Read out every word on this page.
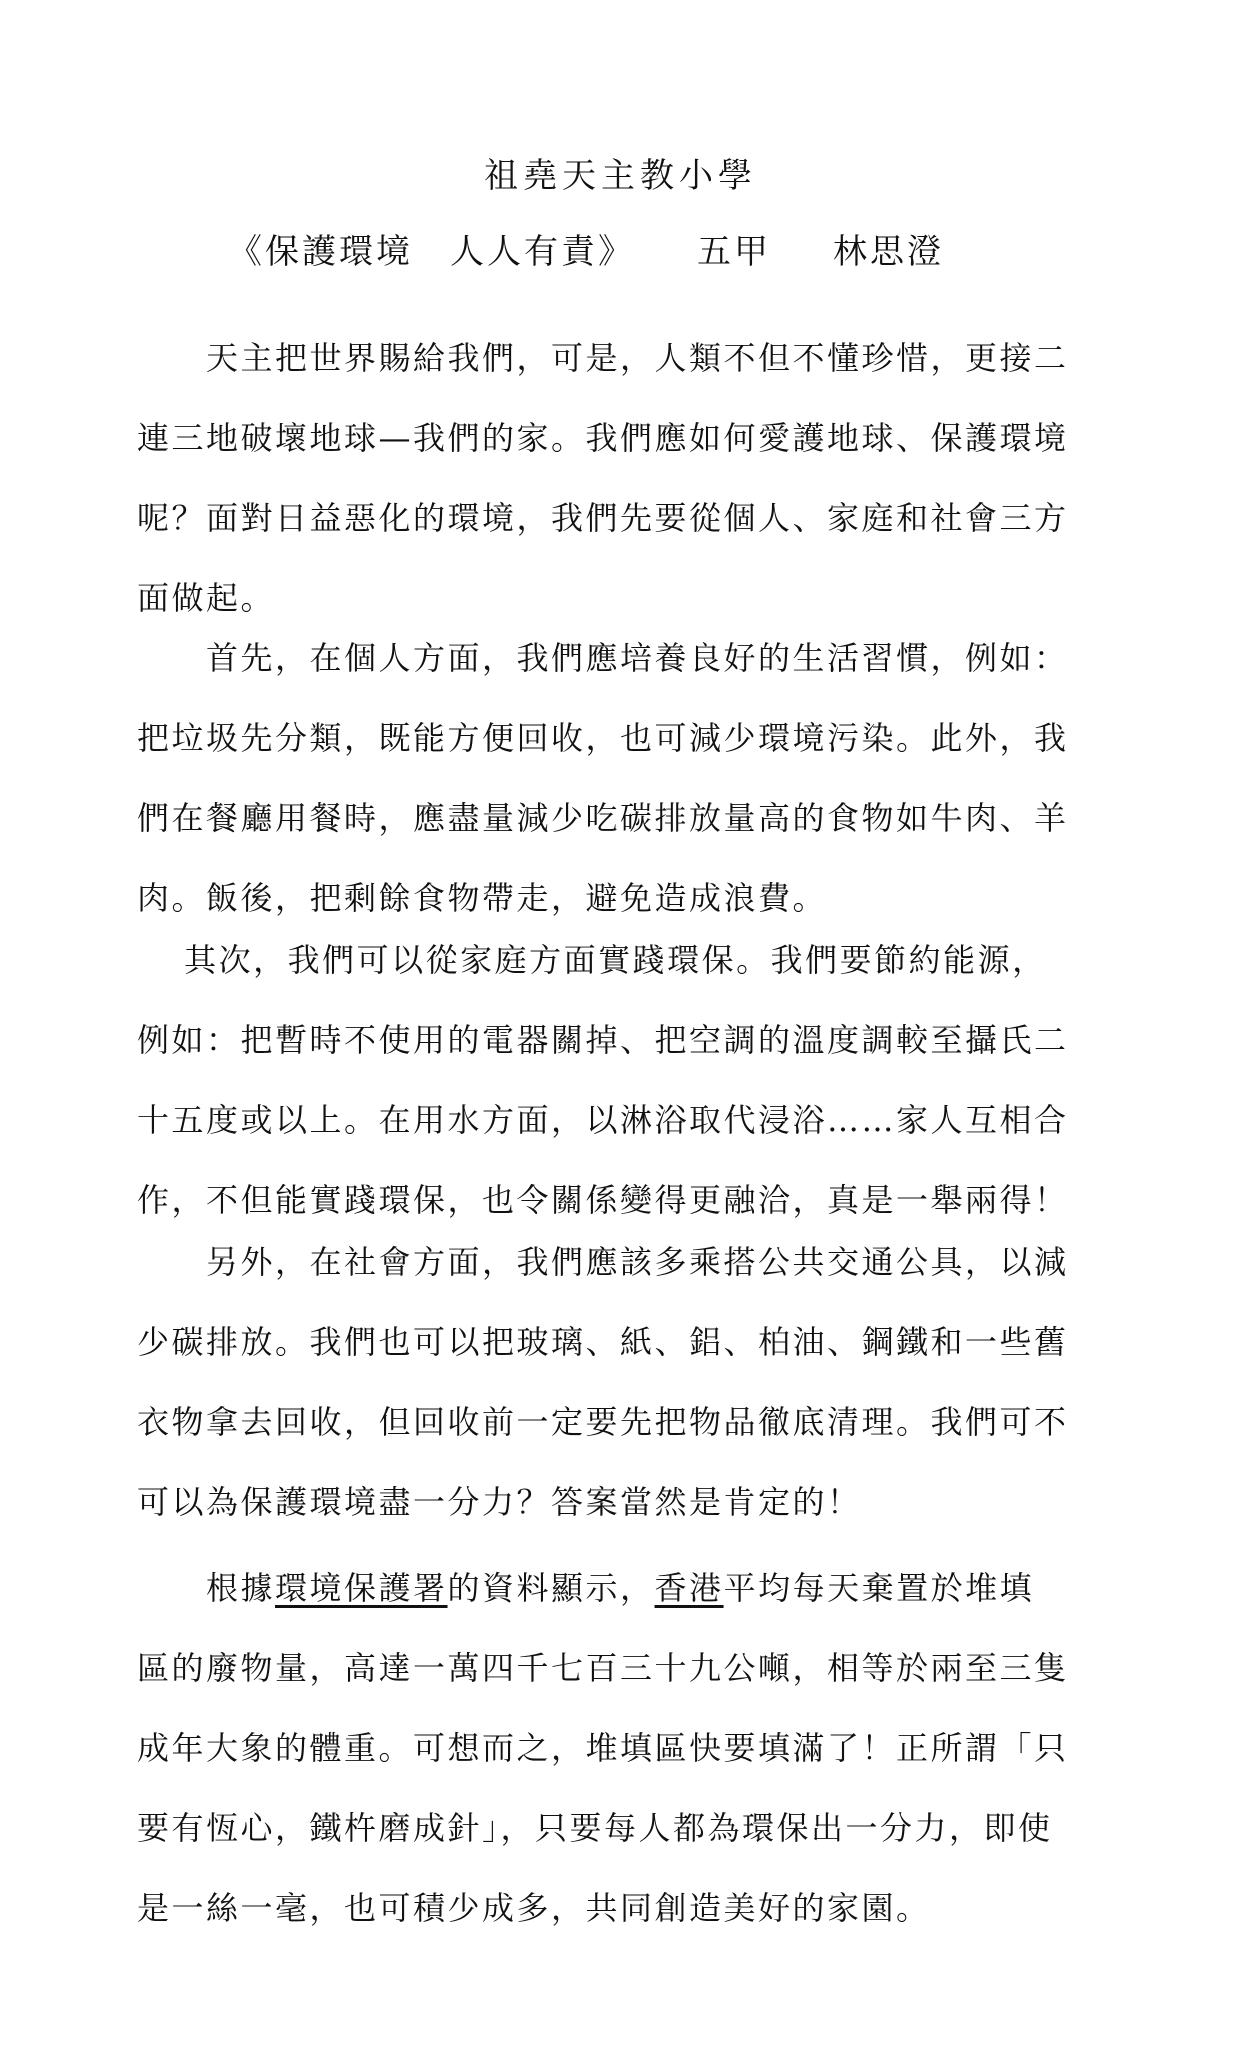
祖堯天主教小學
《保護環境　人人有責》 五甲 林思澄
　　天主把世界賜給我們，可是，人類不但不懂珍惜，更接二
連三地破壞地球—我們的家。我們應如何愛護地球、保護環境
呢？面對日益惡化的環境，我們先要從個人、家庭和社會三方
面做起。
　　首先，在個人方面，我們應培養良好的生活習慣，例如：
把垃圾先分類，既能方便回收，也可減少環境污染。此外，我
們在餐廳用餐時，應盡量減少吃碳排放量高的食物如牛肉、羊
肉。飯後，把剩餘食物帶走，避免造成浪費。
　 其次，我們可以從家庭方面實踐環保。我們要節約能源，
例如：把暫時不使用的電器關掉、把空調的溫度調較至攝氏二
十五度或以上。在用水方面，以淋浴取代浸浴……家人互相合
作，不但能實踐環保，也令關係變得更融洽，真是一舉兩得！
　　另外，在社會方面，我們應該多乘搭公共交通公具，以減
少碳排放。我們也可以把玻璃、紙、鋁、柏油、鋼鐵和一些舊
衣物拿去回收，但回收前一定要先把物品徹底清理。我們可不
可以為保護環境盡一分力？答案當然是肯定的！
　　根據環境保護署的資料顯示，香港平均每天棄置於堆填
區的廢物量，高達一萬四千七百三十九公噸，相等於兩至三隻
成年大象的體重。可想而之，堆填區快要填滿了！正所謂「只
要有恆心，鐵杵磨成針」，只要每人都為環保出一分力，即使
是一絲一毫，也可積少成多，共同創造美好的家園。
